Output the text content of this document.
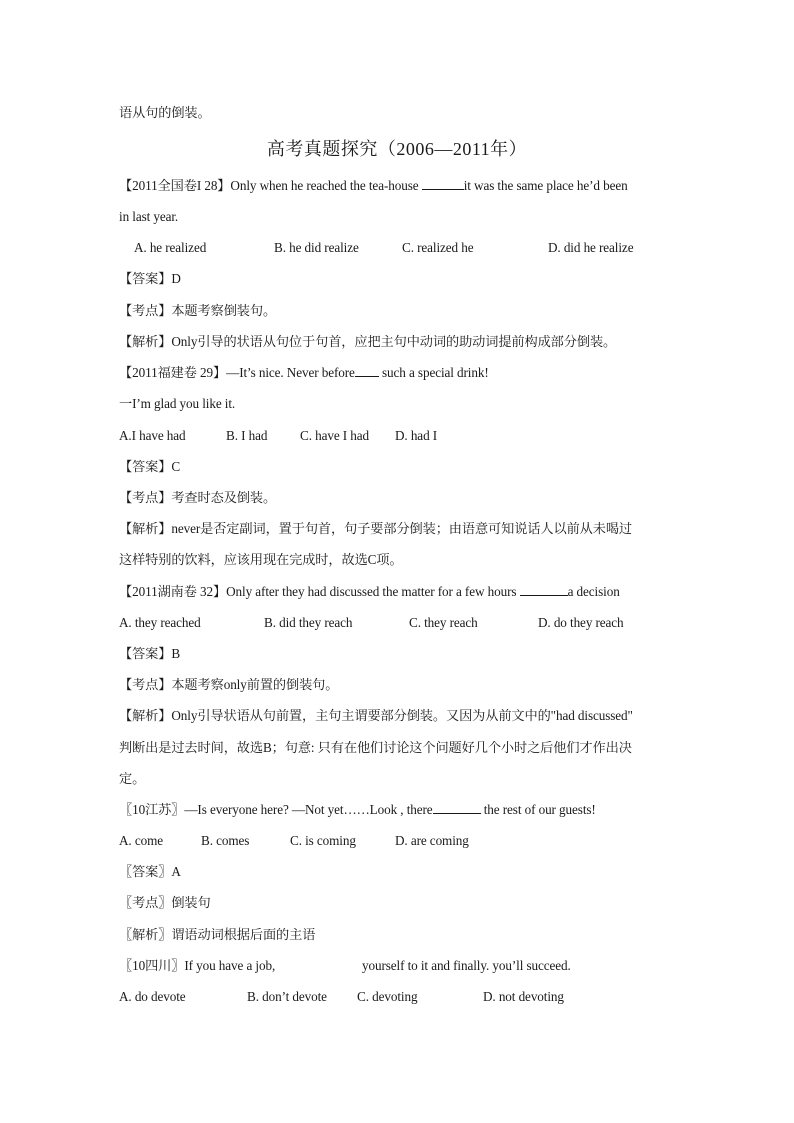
语从句的倒装。
高考真题探究（2006—2011年）
【2011全国卷I 28】Only when he reached the tea-house	it was the same place he’d been
in last year.
A. he realized	B. he did realize	C. realized he	D. did he realize
【答案】D
【考点】本题考察倒装句。
【解析】Only引导的状语从句位于句首，应把主句中动词的助动词提前构成部分倒装。
【2011福建卷 29】—It’s nice. Never before such a special drink!
一I’m glad you like it.
A.I have had	B. I had C. have I had D. had I
【答案】C
【考点】考查时态及倒装。
【解析】never是否定副词，置于句首，句子要部分倒装；由语意可知说话人以前从未喝过
这样特别的饮料，应该用现在完成时，故选C项。
【2011湖南卷 32】Only after they had discussed the matter for a few hours	a decision
A. they reached	B. did they reach	C. they reach	D. do they reach
【答案】B
【考点】本题考察only前置的倒装句。
【解析】Only引导状语从句前置，主句主谓要部分倒装。又因为从前文中的"had discussed"
判断出是过去时间，故选B；句意: 只有在他们讨论这个问题好几个小时之后他们才作出决
定。
〖10江苏〗—Is everyone here? —Not yet……Look , there	the rest of our guests!
A. come	B. comes	C. is coming	D. are coming
〖答案〗A
〖考点〗倒装句
〖解析〗谓语动词根据后面的主语
〖10四川〗If you have a job,	yourself to it and finally. you’ll succeed.
A. do devote	B. don’t devote C. devoting	D. not devoting
